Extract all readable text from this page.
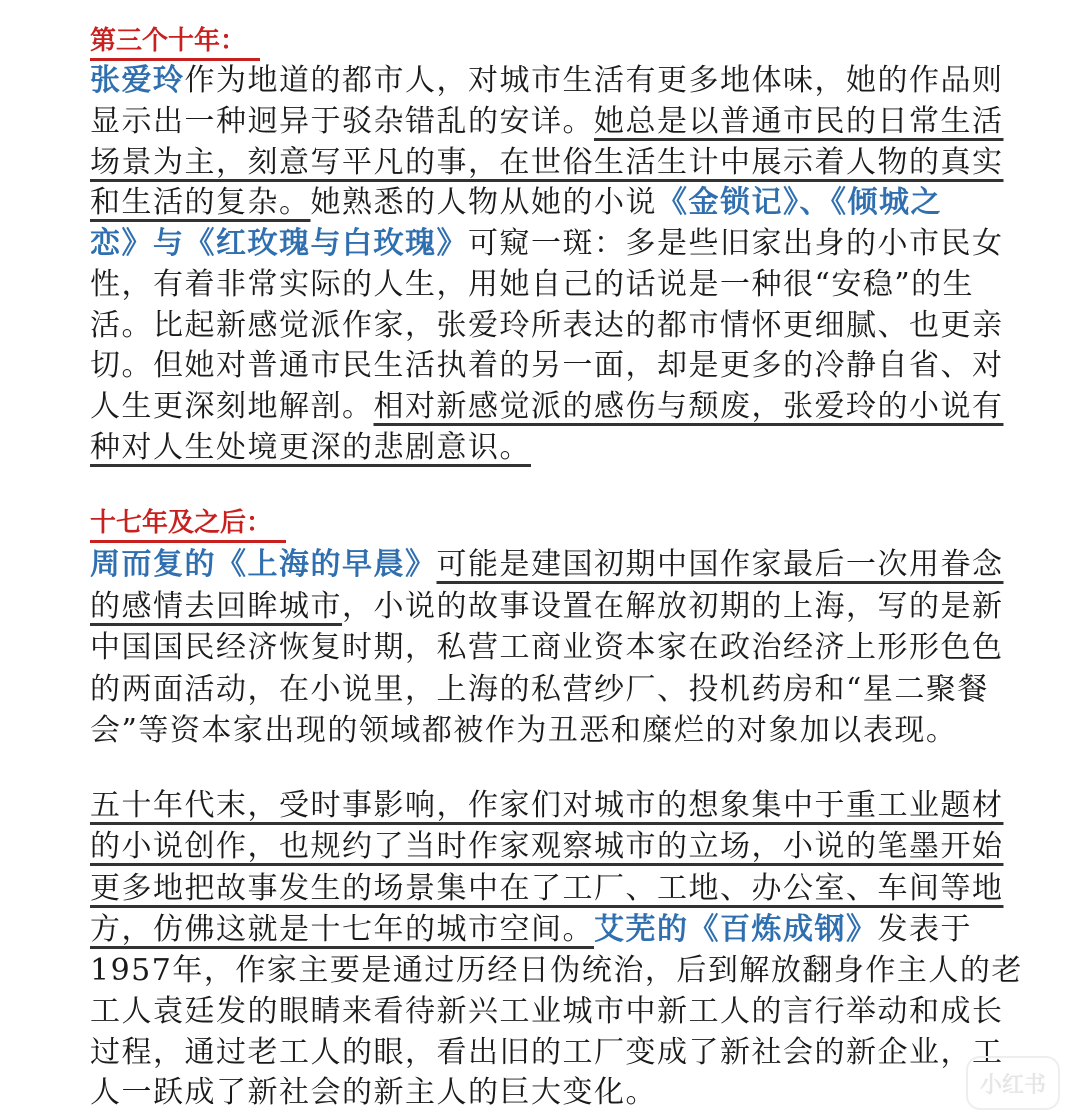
第三个十年：
张爱玲作为地道的都市人，对城市生活有更多地体味，她的作品则
显示出一种迥异于驳杂错乱的安详。她总是以普通市民的日常生活
场景为主，刻意写平凡的事，在世俗生活生计中展示着人物的真实
和生活的复杂。她熟悉的人物从她的小说《金锁记》、《倾城之
恋》与《红玫瑰与白玫瑰》可窥一斑：多是些旧家出身的小市民女
性，有着非常实际的人生，用她自己的话说是一种很“安稳”的生
活。比起新感觉派作家，张爱玲所表达的都市情怀更细腻、也更亲
切。但她对普通市民生活执着的另一面，却是更多的冷静自省、对
人生更深刻地解剖。相对新感觉派的感伤与颓废，张爱玲的小说有
种对人生处境更深的悲剧意识。
十七年及之后：
周而复的《上海的早晨》可能是建国初期中国作家最后一次用眷念
的感情去回眸城市，小说的故事设置在解放初期的上海，写的是新
中国国民经济恢复时期，私营工商业资本家在政治经济上形形色色
的两面活动，在小说里，上海的私营纱厂、投机药房和“星二聚餐
会”等资本家出现的领域都被作为丑恶和糜烂的对象加以表现。
五十年代末，受时事影响，作家们对城市的想象集中于重工业题材
的小说创作，也规约了当时作家观察城市的立场，小说的笔墨开始
更多地把故事发生的场景集中在了工厂、工地、办公室、车间等地
方，仿佛这就是十七年的城市空间。艾芜的《百炼成钢》发表于
1957年，作家主要是通过历经日伪统治，后到解放翻身作主人的老
工人袁廷发的眼睛来看待新兴工业城市中新工人的言行举动和成长
过程，通过老工人的眼，看出旧的工厂变成了新社会的新企业，工
人一跃成了新社会的新主人的巨大变化。	小红书
